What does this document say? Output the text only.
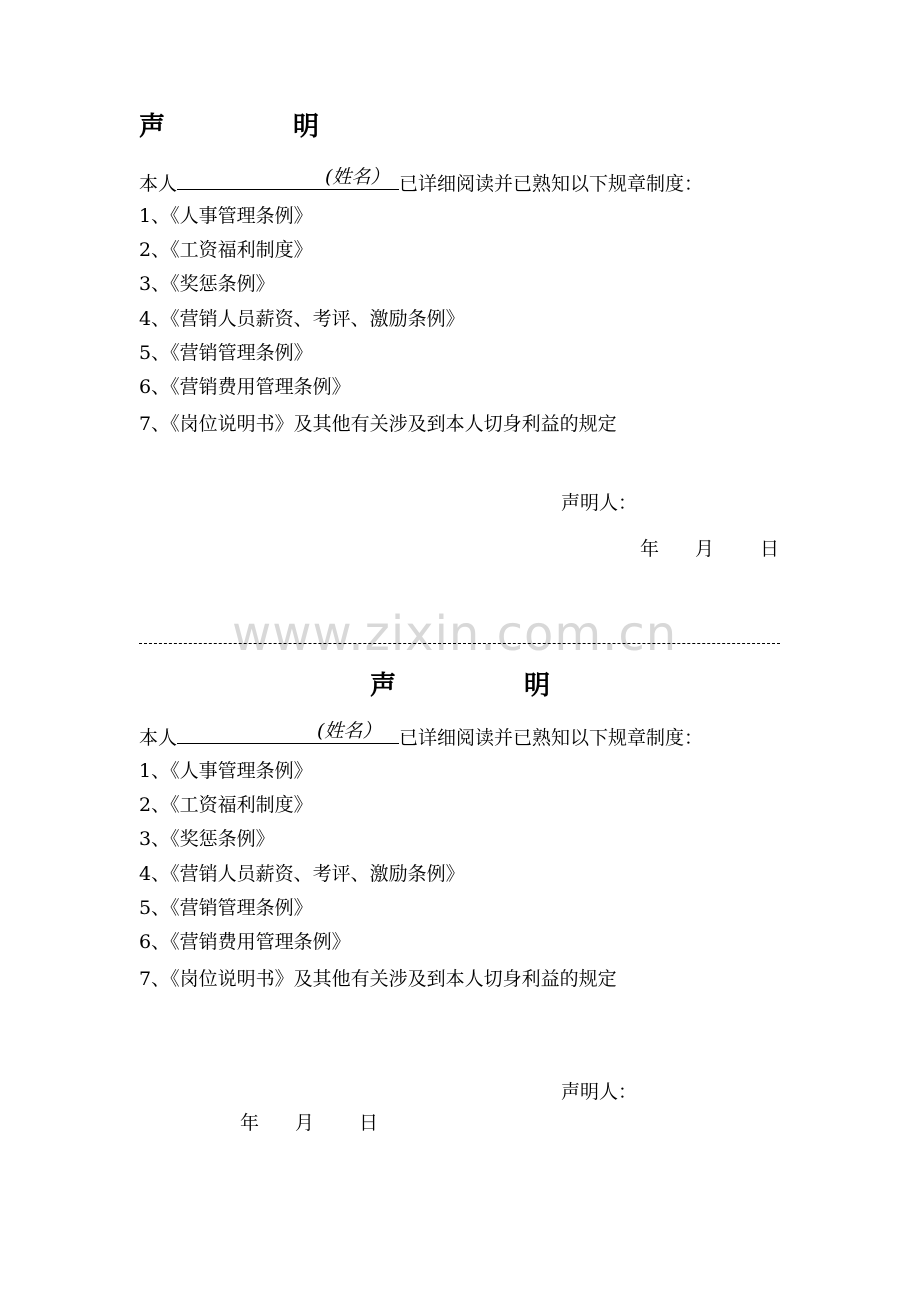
www.zixin.com.cn
声	明
本人	(姓名） 已详细阅读并已熟知以下规章制度：
1、《人事管理条例》
2、《工资福利制度》
3、《奖惩条例》
4、《营销人员薪资、考评、激励条例》
5、《营销管理条例》
6、《营销费用管理条例》
7、《岗位说明书》及其他有关涉及到本人切身利益的规定
声明人：
年 月 日
声	明
本人	(姓名） 已详细阅读并已熟知以下规章制度：
1、《人事管理条例》
2、《工资福利制度》
3、《奖惩条例》
4、《营销人员薪资、考评、激励条例》
5、《营销管理条例》
6、《营销费用管理条例》
7、《岗位说明书》及其他有关涉及到本人切身利益的规定
声明人：
年 月 日
